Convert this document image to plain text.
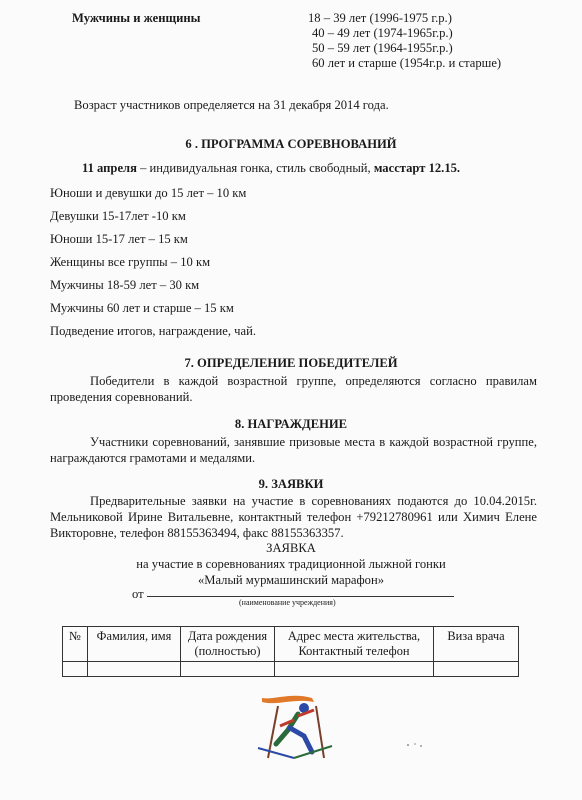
Мужчины и женщины	18 – 39 лет (1996-1975 г.р.)
40 – 49 лет (1974-1965г.р.)
50 – 59 лет (1964-1955г.р.)
60 лет и старше (1954г.р. и старше)
Возраст участников определяется на 31 декабря 2014 года.
6 . ПРОГРАММА СОРЕВНОВАНИЙ
11 апреля – индивидуальная гонка, стиль свободный, масстарт 12.15.
Юноши и девушки до 15 лет – 10 км
Девушки 15-17лет -10 км
Юноши 15-17 лет – 15 км
Женщины все группы – 10 км
Мужчины 18-59 лет – 30 км
Мужчины 60 лет и старше – 15 км
Подведение итогов, награждение, чай.
7. ОПРЕДЕЛЕНИЕ ПОБЕДИТЕЛЕЙ
Победители в каждой возрастной группе, определяются согласно правилам проведения соревнований.
8. НАГРАЖДЕНИЕ
Участники соревнований, занявшие призовые места в каждой возрастной группе, награждаются грамотами и медалями.
9. ЗАЯВКИ
Предварительные заявки на участие в соревнованиях подаются до 10.04.2015г. Мельниковой Ирине Витальевне, контактный телефон +79212780961 или Химич Елене Викторовне, телефон 88155363494, факс 88155363357.
ЗАЯВКА
на участие в соревнованиях традиционной лыжной гонки
«Малый мурмашинский марафон»
от
(наименование учреждения)
№	Фамилия, имя	Дата рождения (полностью)	Адрес места жительства, Контактный телефон	Виза врача
